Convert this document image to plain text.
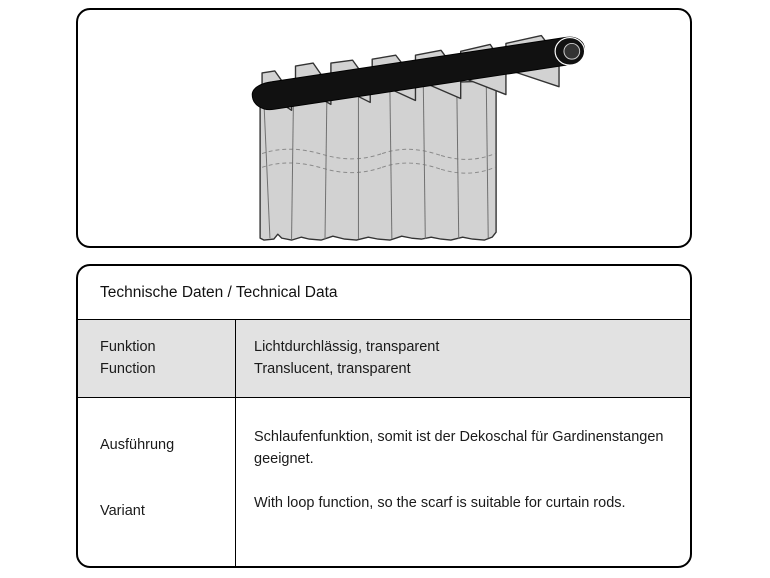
Technische Daten / Technical Data
Funktion
Function
Lichtdurchlässig, transparent
Translucent, transparent
Ausführung
Variant
Schlaufenfunktion, somit ist der Dekoschal für Gardinenstangen geeignet.
With loop function, so the scarf is suitable for curtain rods.
